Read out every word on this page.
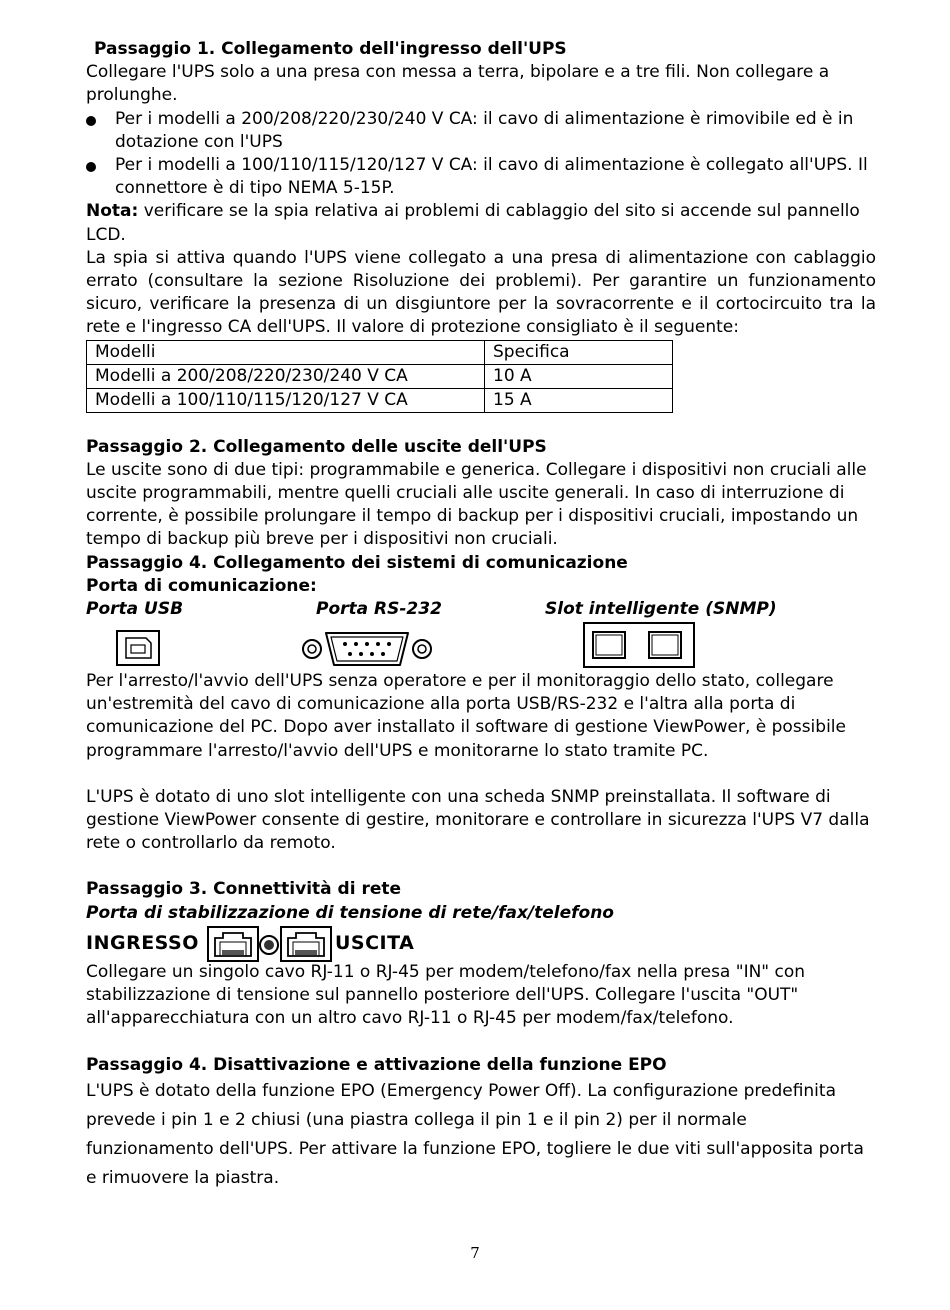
Passaggio 1. Collegamento dell'ingresso dell'UPS

Collegare l'UPS solo a una presa con messa a terra, bipolare e a tre fili. Non collegare a prolunghe.

Per i modelli a 200/208/220/230/240 V CA: il cavo di alimentazione è rimovibile ed è in dotazione con l'UPS
Per i modelli a 100/110/115/120/127 V CA: il cavo di alimentazione è collegato all'UPS. Il connettore è di tipo NEMA 5-15P.

Nota: verificare se la spia relativa ai problemi di cablaggio del sito si accende sul pannello LCD.

La spia si attiva quando l'UPS viene collegato a una presa di alimentazione con cablaggio errato (consultare la sezione Risoluzione dei problemi). Per garantire un funzionamento sicuro, verificare la presenza di un disgiuntore per la sovracorrente e il cortocircuito tra la rete e l'ingresso CA dell'UPS. Il valore di protezione consigliato è il seguente:

Modelli	Specifica
Modelli a 200/208/220/230/240 V CA	10 A
Modelli a 100/110/115/120/127 V CA	15 A

Passaggio 2. Collegamento delle uscite dell'UPS

Le uscite sono di due tipi: programmabile e generica. Collegare i dispositivi non cruciali alle uscite programmabili, mentre quelli cruciali alle uscite generali. In caso di interruzione di corrente, è possibile prolungare il tempo di backup per i dispositivi cruciali, impostando un tempo di backup più breve per i dispositivi non cruciali.

Passaggio 4. Collegamento dei sistemi di comunicazione

Porta di comunicazione:

Porta USB	Porta RS-232	Slot intelligente (SNMP)

Per l'arresto/l'avvio dell'UPS senza operatore e per il monitoraggio dello stato, collegare un'estremità del cavo di comunicazione alla porta USB/RS-232 e l'altra alla porta di comunicazione del PC. Dopo aver installato il software di gestione ViewPower, è possibile programmare l'arresto/l'avvio dell'UPS e monitorarne lo stato tramite PC.

L'UPS è dotato di uno slot intelligente con una scheda SNMP preinstallata. Il software di gestione ViewPower consente di gestire, monitorare e controllare in sicurezza l'UPS V7 dalla rete o controllarlo da remoto.

Passaggio 3. Connettività di rete

Porta di stabilizzazione di tensione di rete/fax/telefono

INGRESSO	USCITA

Collegare un singolo cavo RJ-11 o RJ-45 per modem/telefono/fax nella presa "IN" con stabilizzazione di tensione sul pannello posteriore dell'UPS. Collegare l'uscita "OUT" all'apparecchiatura con un altro cavo RJ-11 o RJ-45 per modem/fax/telefono.

Passaggio 4. Disattivazione e attivazione della funzione EPO

L'UPS è dotato della funzione EPO (Emergency Power Off). La configurazione predefinita prevede i pin 1 e 2 chiusi (una piastra collega il pin 1 e il pin 2) per il normale funzionamento dell'UPS. Per attivare la funzione EPO, togliere le due viti sull'apposita porta e rimuovere la piastra.

7
